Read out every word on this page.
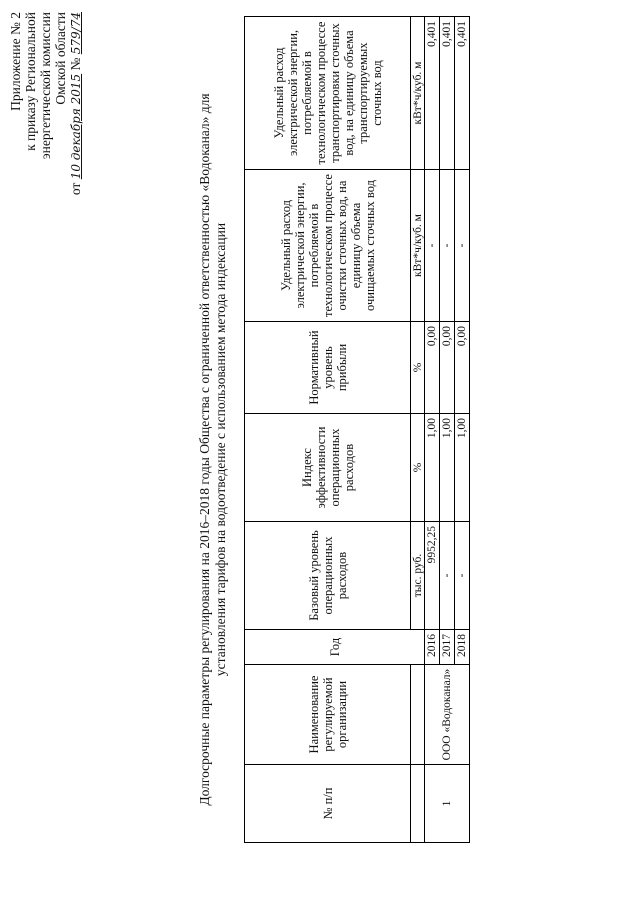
Приложение № 2 к приказу Региональной энергетической комиссии Омской области
от 10 декабря 2015 № 579/74
Долгосрочные параметры регулирования на 2016–2018 годы Общества с ограниченной ответственностью «Водоканал» для установления тарифов на водоотведение с использованием метода индексации
№ п/п	Наименование регулируемой организации	Год	Базовый уровень операционных расходов	Индекс эффективности операционных расходов	Нормативный уровень прибыли	Удельный расход электрической энергии, потребляемой в технологическом процессе очистки сточных вод, на единицу объема очищаемых сточных вод	Удельный расход электрической энергии, потребляемой в технологическом процессе транспортировки сточных вод, на единицу объема транспортируемых сточных вод

			тыс. руб.	%	%	кВт*ч/куб. м	кВт*ч/куб. м
1	ООО «Водоканал»	2016	9952,25	1,00	0,00	-	0,401
		2017	-	1,00	0,00	-	0,401
		2018	-	1,00	0,00	-	0,401
